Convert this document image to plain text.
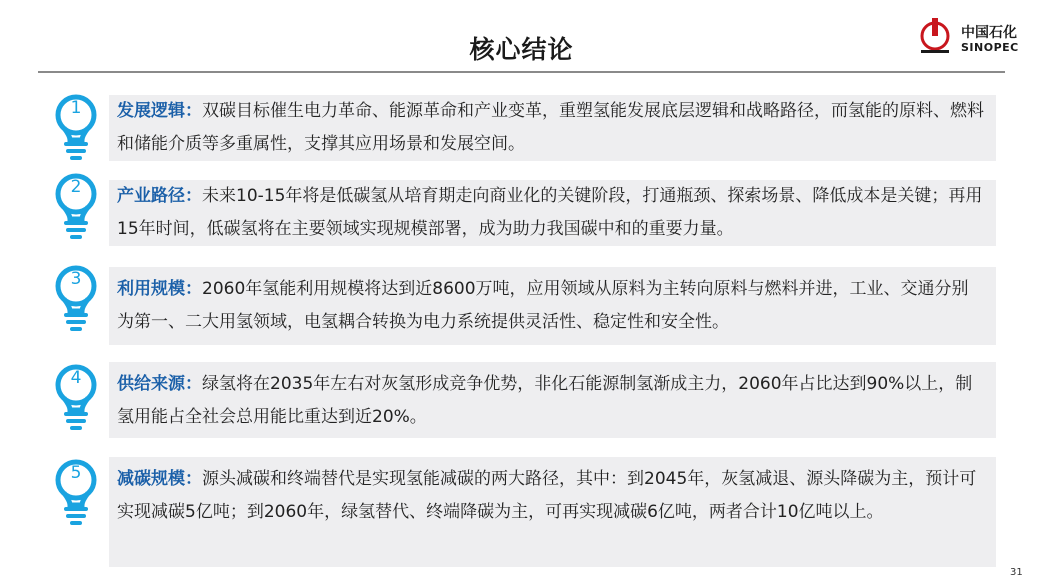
核心结论
中国石化
SINOPEC
1	发展逻辑：双碳目标催生电力革命、能源革命和产业变革，重塑氢能发展底层逻辑和战略路径，而氢能的原料、燃料和储能介质等多重属性，支撑其应用场景和发展空间。
2	产业路径：未来10-15年将是低碳氢从培育期走向商业化的关键阶段，打通瓶颈、探索场景、降低成本是关键；再用15年时间，低碳氢将在主要领域实现规模部署，成为助力我国碳中和的重要力量。
3	利用规模：2060年氢能利用规模将达到近8600万吨，应用领域从原料为主转向原料与燃料并进，工业、交通分别为第一、二大用氢领域，电氢耦合转换为电力系统提供灵活性、稳定性和安全性。
4	供给来源：绿氢将在2035年左右对灰氢形成竞争优势，非化石能源制氢渐成主力，2060年占比达到90%以上，制氢用能占全社会总用能比重达到近20%。
5	减碳规模：源头减碳和终端替代是实现氢能减碳的两大路径，其中：到2045年，灰氢减退、源头降碳为主，预计可实现减碳5亿吨；到2060年，绿氢替代、终端降碳为主，可再实现减碳6亿吨，两者合计10亿吨以上。
31
